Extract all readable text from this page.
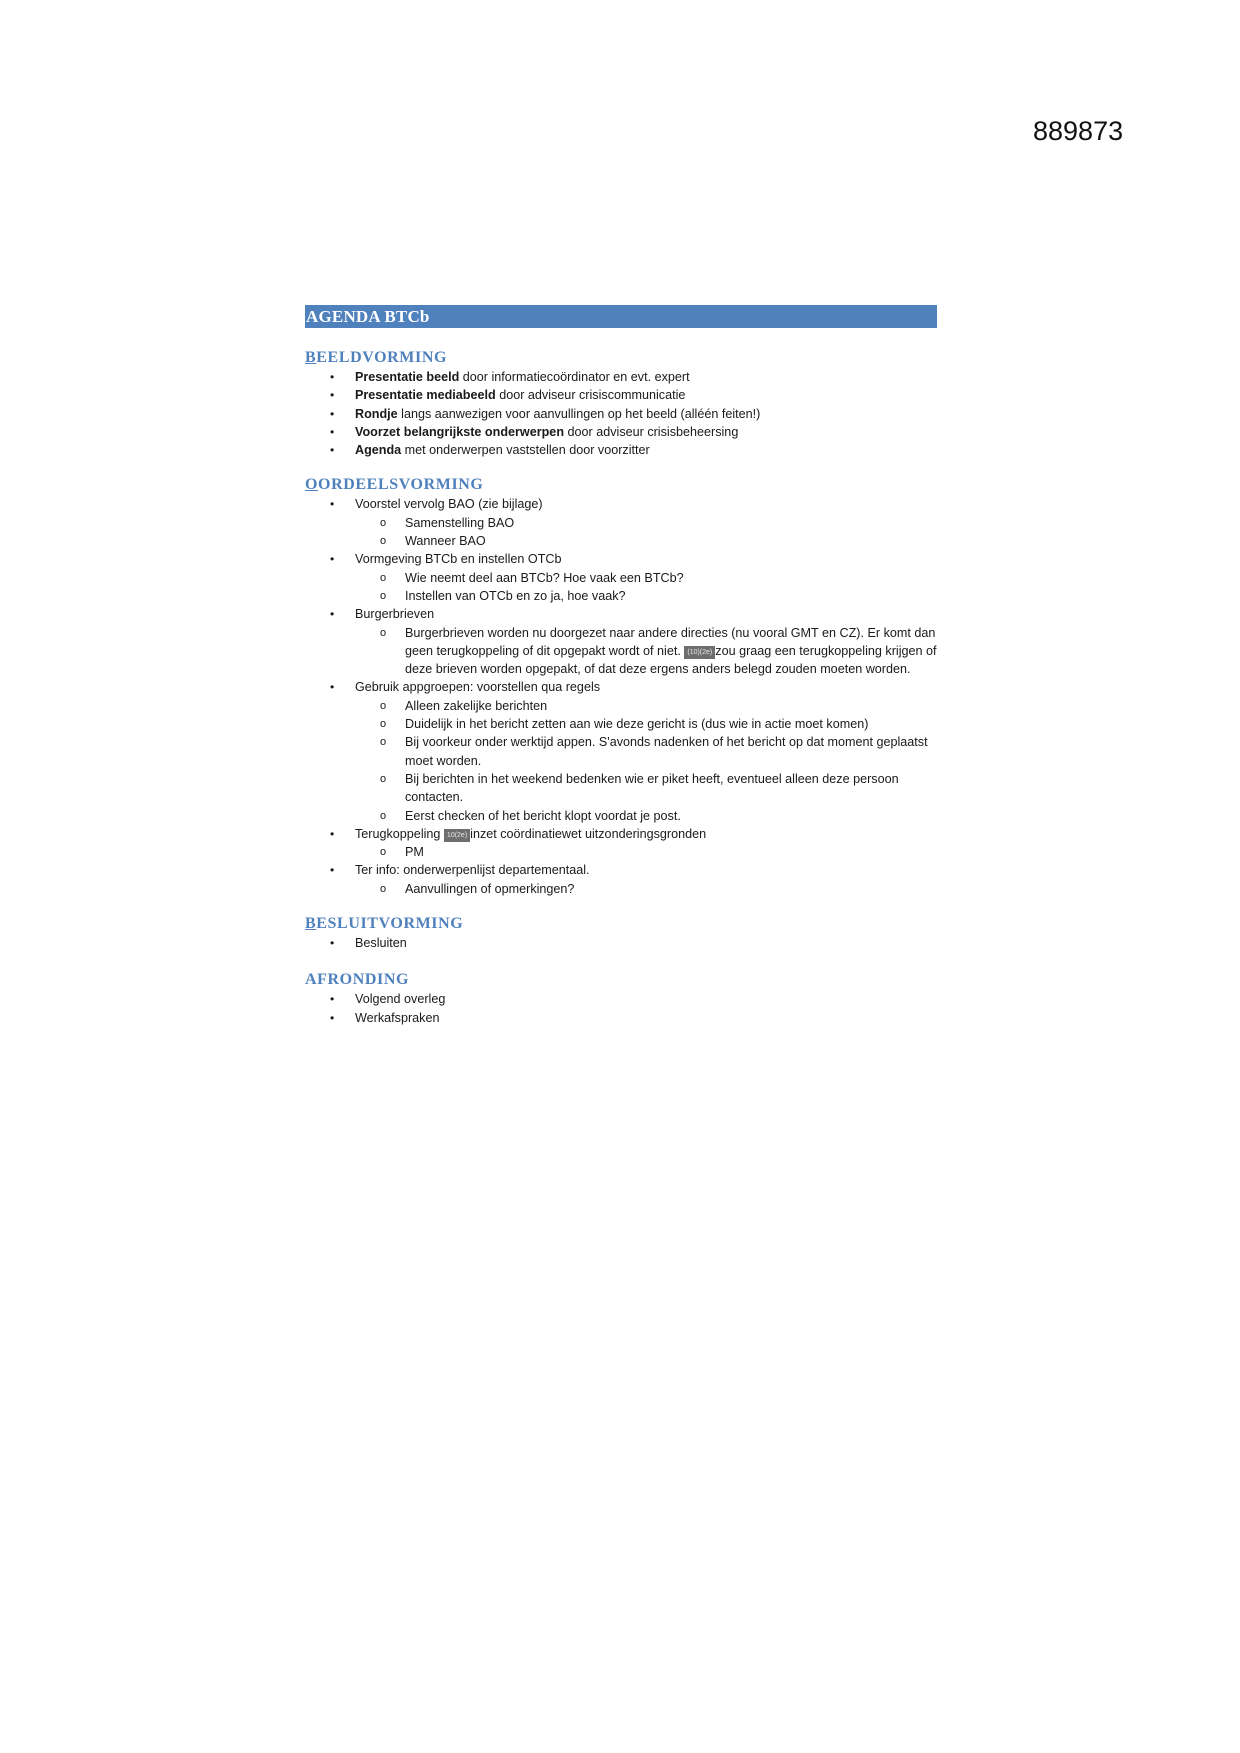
889873
AGENDA BTCb
BEELDVORMING
• Presentatie beeld door informatiecoördinator en evt. expert
• Presentatie mediabeeld door adviseur crisiscommunicatie
• Rondje langs aanwezigen voor aanvullingen op het beeld (alléén feiten!)
• Voorzet belangrijkste onderwerpen door adviseur crisisbeheersing
• Agenda met onderwerpen vaststellen door voorzitter
OORDEELSVORMING
• Voorstel vervolg BAO (zie bijlage)
o Samenstelling BAO
o Wanneer BAO
• Vormgeving BTCb en instellen OTCb
o Wie neemt deel aan BTCb? Hoe vaak een BTCb?
o Instellen van OTCb en zo ja, hoe vaak?
• Burgerbrieven
o Burgerbrieven worden nu doorgezet naar andere directies (nu vooral GMT en CZ). Er komt dan geen terugkoppeling of dit opgepakt wordt of niet. (10)(2e) zou graag een terugkoppeling krijgen of deze brieven worden opgepakt, of dat deze ergens anders belegd zouden moeten worden.
• Gebruik appgroepen: voorstellen qua regels
o Alleen zakelijke berichten
o Duidelijk in het bericht zetten aan wie deze gericht is (dus wie in actie moet komen)
o Bij voorkeur onder werktijd appen. S'avonds nadenken of het bericht op dat moment geplaatst moet worden.
o Bij berichten in het weekend bedenken wie er piket heeft, eventueel alleen deze persoon contacten.
o Eerst checken of het bericht klopt voordat je post.
• Terugkoppeling 10(2e) inzet coördinatiewet uitzonderingsgronden
o PM
• Ter info: onderwerpenlijst departementaal.
o Aanvullingen of opmerkingen?
BESLUITVORMING
• Besluiten
AFRONDING
• Volgend overleg
• Werkafspraken
